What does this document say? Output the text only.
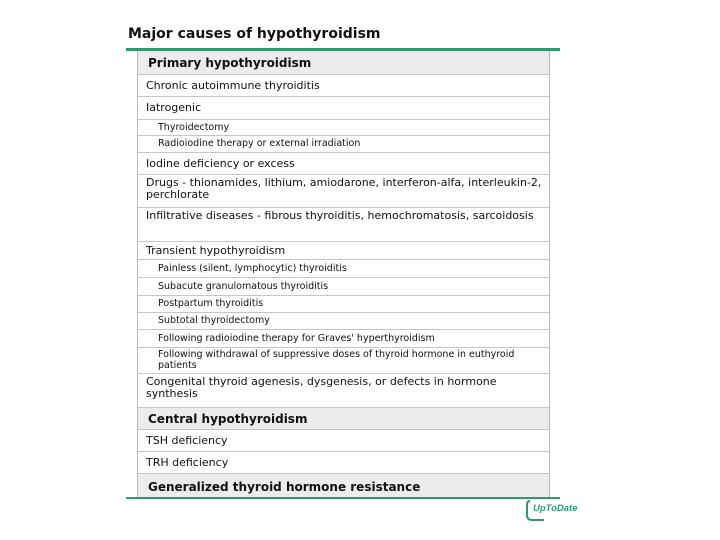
Major causes of hypothyroidism
Primary hypothyroidism
Chronic autoimmune thyroiditis
Iatrogenic
Thyroidectomy
Radioiodine therapy or external irradiation
Iodine deficiency or excess
Drugs - thionamides, lithium, amiodarone, interferon-alfa, interleukin-2, perchlorate
Infiltrative diseases - fibrous thyroiditis, hemochromatosis, sarcoidosis
Transient hypothyroidism
Painless (silent, lymphocytic) thyroiditis
Subacute granulomatous thyroiditis
Postpartum thyroiditis
Subtotal thyroidectomy
Following radioiodine therapy for Graves' hyperthyroidism
Following withdrawal of suppressive doses of thyroid hormone in euthyroid patients
Congenital thyroid agenesis, dysgenesis, or defects in hormone synthesis
Central hypothyroidism
TSH deficiency
TRH deficiency
Generalized thyroid hormone resistance
UpToDate
